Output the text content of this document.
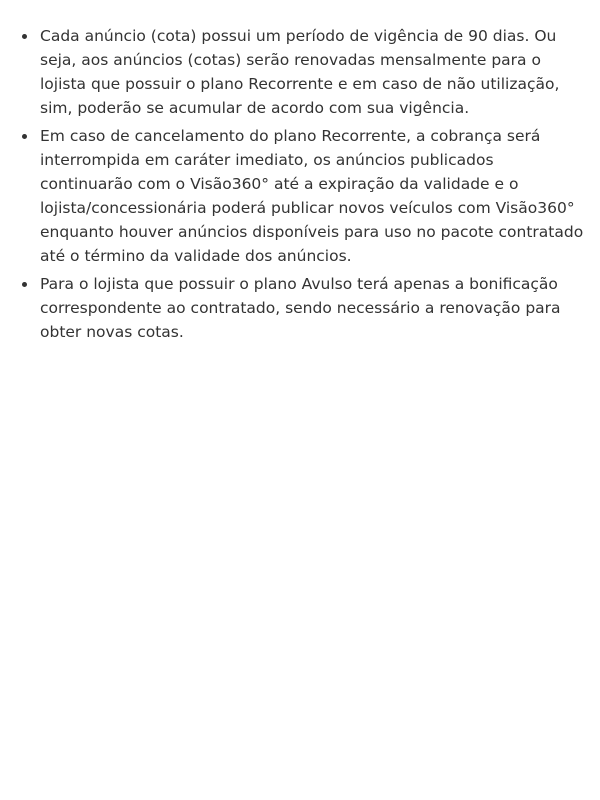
Cada anúncio (cota) possui um período de vigência de 90 dias. Ou seja, aos anúncios (cotas) serão renovadas mensalmente para o lojista que possuir o plano Recorrente e em caso de não utilização, sim, poderão se acumular de acordo com sua vigência.
Em caso de cancelamento do plano Recorrente, a cobrança será interrompida em caráter imediato, os anúncios publicados continuarão com o Visão360° até a expiração da validade e o lojista/concessionária poderá publicar novos veículos com Visão360° enquanto houver anúncios disponíveis para uso no pacote contratado até o término da validade dos anúncios.
Para o lojista que possuir o plano Avulso terá apenas a bonificação correspondente ao contratado, sendo necessário a renovação para obter novas cotas.
